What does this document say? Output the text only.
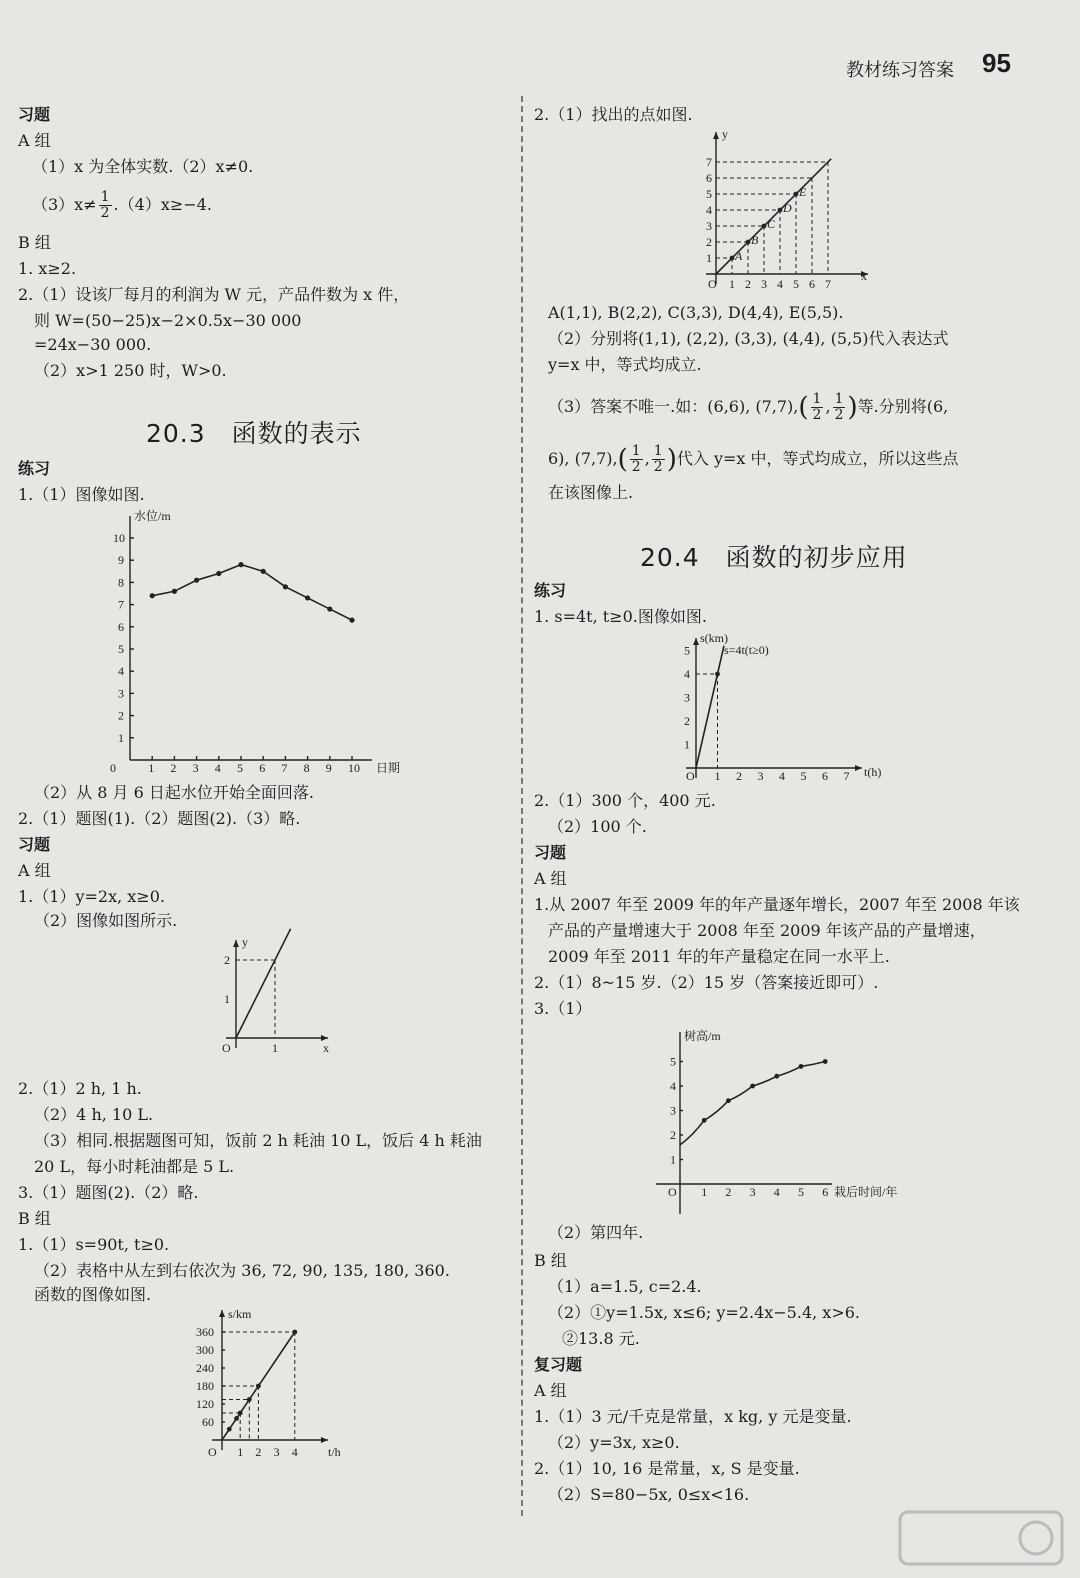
教材练习答案 95
习题
A 组
（1）x 为全体实数.（2）x≠0.
$(3)x\ne \frac{1}{2} .(4)x\ge-4$.
B 组
1. x≥2.
2.（1）设该厂每月的利润为 W 元，产品件数为 x 件，
则 W=(50−25)x−2×0.5x−30 000
=24x−30 000.
（2）x>1 250 时，W>0.
20.3　函数的表示
练习
1.（1）图像如图.
0
水位/m
日期
1
1
2
2
3
3
4
4
5
5
6
6
7
7
8
8
9
9
10
10
（2）从 8 月 6 日起水位开始全面回落.
2.（1）题图(1).（2）题图(2).（3）略.
习题
A 组
1.（1）y=2x, x≥0.
（2）图像如图所示.
x
y
O	1
1
2
2.（1）2 h, 1 h.
（2）4 h, 10 L.
（3）相同.根据题图可知，饭前 2 h 耗油 10 L，饭后 4 h 耗油
20 L，每小时耗油都是 5 L.
3.（1）题图(2).（2）略.
B 组
1.（1）s=90t, t≥0.
（2）表格中从左到右依次为 36, 72, 90, 135, 180, 360.
函数的图像如图.
t/h
s/km
O 1 2 3 4
60
120
180
240
300
360
2.（1）找出的点如图.
x
y
O 1 2 3 4 5 6 7
1
2
3
4
5
6
7
A
B
C
D
E
A(1,1), B(2,2), C(3,3), D(4,4), E(5,5).
（2）分别将(1,1), (2,2), (3,3), (4,4), (5,5)代入表达式
y=x 中，等式均成立.
（3）答案不唯一.如：(6,6), $(7,7),( \frac{1}{2}$ , $\frac{1}{2}$ )等.分别将(6,
6), $(7,7),( \frac{1}{2}$ , $\frac{1}{2}$ )代入 y=x 中，等式均成立，所以这些点
在该图像上.
20.4　函数的初步应用
练习
1. s=4t, t≥0.图像如图.
t(h)
s(km)
s=4t(t≥0)
O 1 2 3 4 5 6 7
1
2
3
4
5
2.（1）300 个，400 元.
（2）100 个.
习题
A 组
1.从 2007 年至 2009 年的年产量逐年增长，2007 年至 2008 年该
产品的产量增速大于 2008 年至 2009 年该产品的产量增速，
2009 年至 2011 年的年产量稳定在同一水平上.
2.（1）8~15 岁.（2）15 岁（答案接近即可）.
3.（1）
树高/m
栽后时间/年
O 1 2 3 4 5 6
1
2
3
4
5
（2）第四年.
B 组
（1）a=1.5, c=2.4.
（2）①y=1.5x, x≤6; y=2.4x−5.4, x>6.
②13.8 元.
复习题
A 组
1.（1）3 元/千克是常量，x kg, y 元是变量.
（2）y=3x, x≥0.
2.（1）10, 16 是常量，x, S 是变量.
（2）S=80−5x, 0≤x<16.
